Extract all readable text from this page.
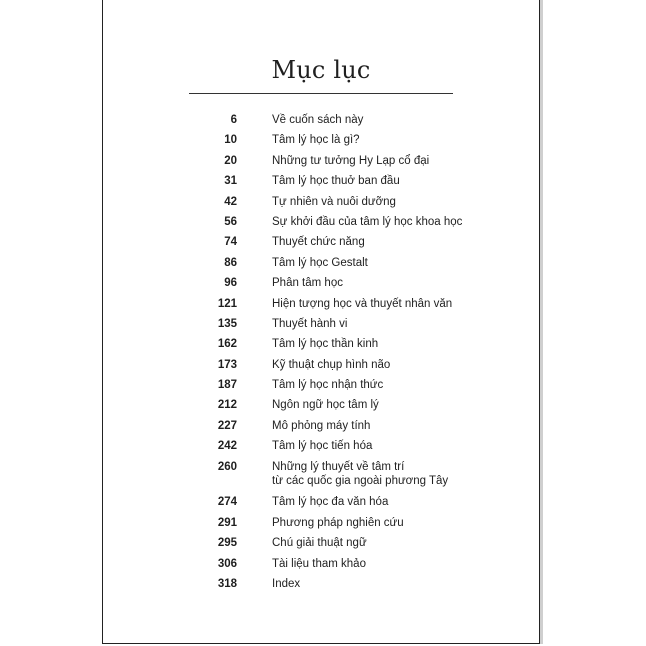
Mục lục
6	Về cuốn sách này
10	Tâm lý học là gì?
20	Những tư tưởng Hy Lạp cổ đại
31	Tâm lý học thuở ban đầu
42	Tự nhiên và nuôi dưỡng
56	Sự khởi đầu của tâm lý học khoa học
74	Thuyết chức năng
86	Tâm lý học Gestalt
96	Phân tâm học
121	Hiện tượng học và thuyết nhân văn
135	Thuyết hành vi
162	Tâm lý học thần kinh
173	Kỹ thuật chụp hình não
187	Tâm lý học nhận thức
212	Ngôn ngữ học tâm lý
227	Mô phỏng máy tính
242	Tâm lý học tiến hóa
260	Những lý thuyết về tâm trí
từ các quốc gia ngoài phương Tây
274	Tâm lý học đa văn hóa
291	Phương pháp nghiên cứu
295	Chú giải thuật ngữ
306	Tài liệu tham khảo
318	Index
